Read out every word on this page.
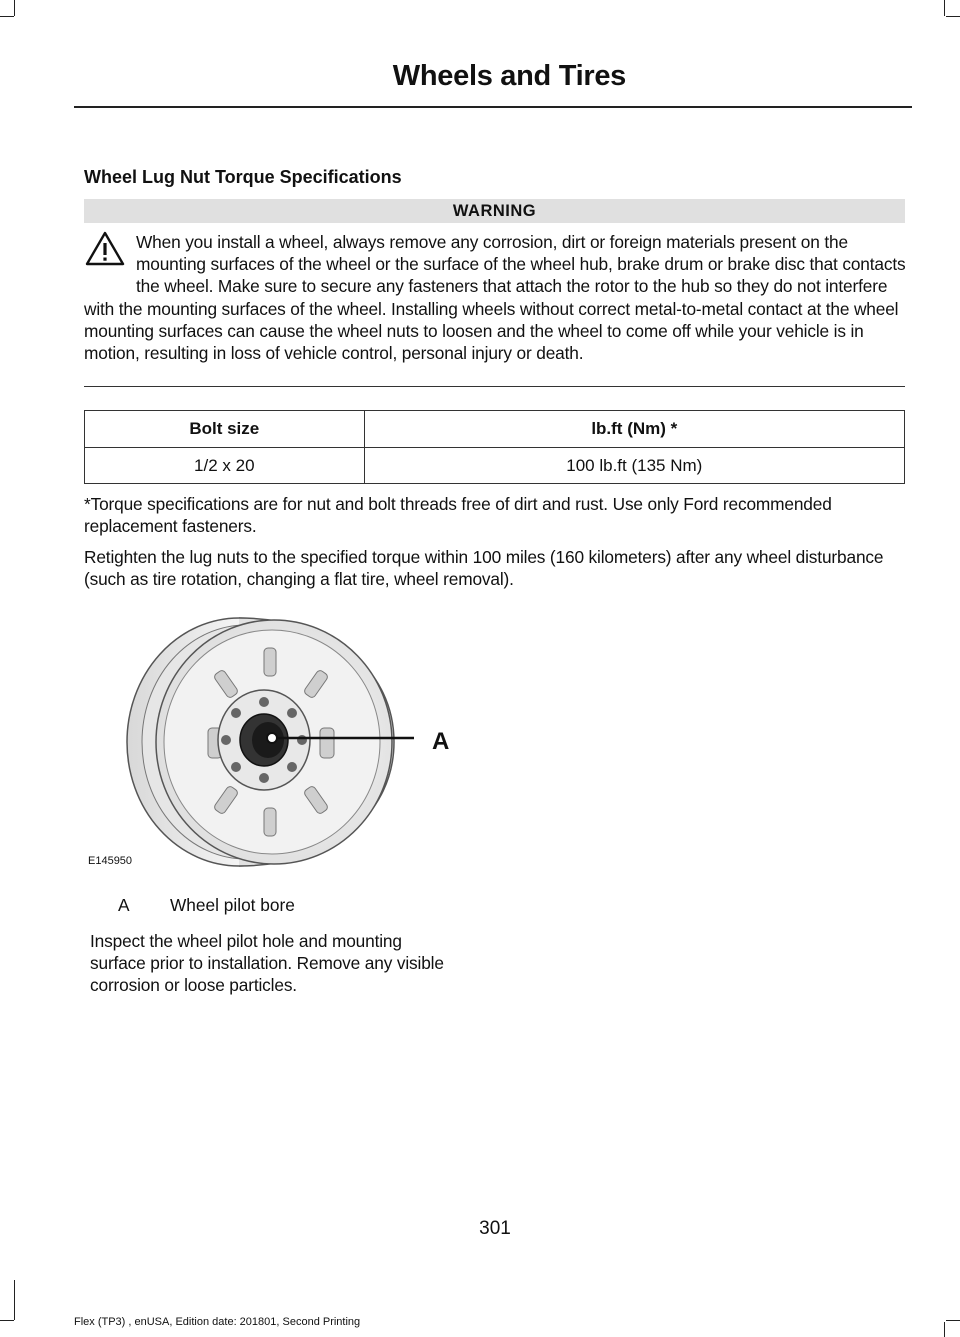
Wheels and Tires
Wheel Lug Nut Torque Specifications
WARNING
When you install a wheel, always remove any corrosion, dirt or foreign materials present on the mounting surfaces of the wheel or the surface of the wheel hub, brake drum or brake disc that contacts the wheel. Make sure to secure any fasteners that attach the rotor to the hub so they do not interfere with the mounting surfaces of the wheel. Installing wheels without correct metal-to-metal contact at the wheel mounting surfaces can cause the wheel nuts to loosen and the wheel to come off while your vehicle is in motion, resulting in loss of vehicle control, personal injury or death.
Bolt size	lb.ft (Nm) *
1/2 x 20	100 lb.ft (135 Nm)
*Torque specifications are for nut and bolt threads free of dirt and rust. Use only Ford recommended replacement fasteners.
Retighten the lug nuts to the specified torque within 100 miles (160 kilometers) after any wheel disturbance (such as tire rotation, changing a flat tire, wheel removal).
A
E145950
A Wheel pilot bore
Inspect the wheel pilot hole and mounting surface prior to installation. Remove any visible corrosion or loose particles.
301
Flex (TP3) , enUSA, Edition date: 201801, Second Printing
